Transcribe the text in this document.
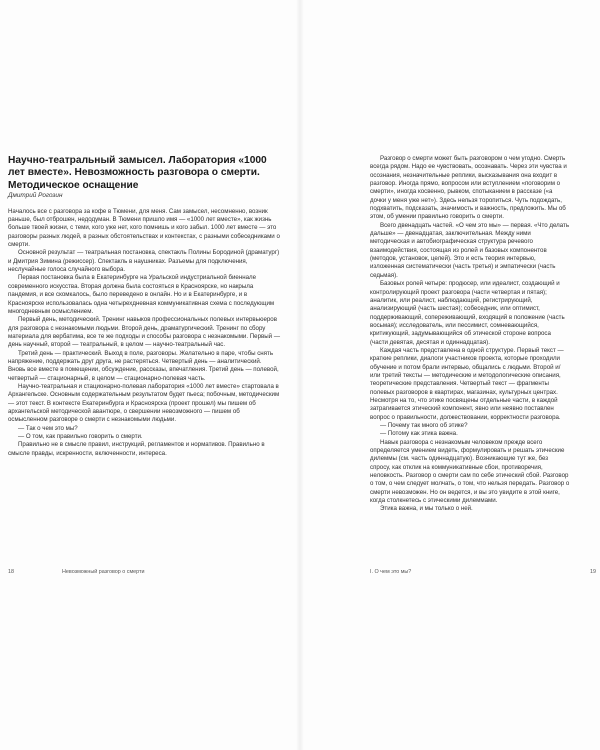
Научно-театральный замысел. Лаборатория «1000 лет вместе». Невозможность разговора о смерти. Методическое оснащение

Дмитрий Рогозин

Началось все с разговора за кофе в Тюмени, для меня. Сам замысел, несомненно, возник раньше, был отброшен, недодуман. В Тюмени пришло имя — «1000 лет вместе», как жизнь больше твоей жизни, с теми, кого уже нет, кого помнишь и кого забыл. 1000 лет вместе — это разговоры разных людей, в разных обстоятельствах и контекстах, с разными собеседниками о смерти.

Основной результат — театральная постановка, спектакль Полины Бородиной (драматург) и Дмитрия Зимина (режиссер). Спектакль в наушниках. Разъемы для подключения, неслучайные голоса случайного выбора.

Первая постановка была в Екатеринбурге на Уральской индустриальной биеннале современного искусства. Вторая должна была состояться в Красноярске, но накрыла пандемия, и все скомкалось, было переведено в онлайн. Но и в Екатеринбурге, и в Красноярске использовалась одна четырехдневная коммуникативная схема с последующим многодневным осмыслением.

Первый день, методический. Тренинг навыков профессиональных полевых интервьюеров для разговора с незнакомыми людьми. Второй день, драматургический. Тренинг по сбору материала для вербатима, все те же подходы и способы разговора с незнакомыми. Первый — день научный, второй — театральный, в целом — научно-театральный час.

Третий день — практический. Выход в поле, разговоры. Желательно в паре, чтобы снять напряжение, поддержать друг друга, не растеряться. Четвертый день — аналитический. Вновь все вместе в помещении, обсуждение, рассказы, впечатления. Третий день — полевой, четвертый — стационарный, в целом — стационарно-полевая часть.

Научно-театральная и стационарно-полевая лаборатория «1000 лет вместе» стартовала в Архангельске. Основным содержательным результатом будет пьеса; побочным, методическим — этот текст. В контексте Екатеринбурга и Красноярска (проект прошел) мы пишем об архангельской методической авантюре, о свершении невозможного — пишем об осмысленном разговоре о смерти с незнакомыми людьми.

— Так о чем это мы?

— О том, как правильно говорить о смерти.

Правильно не в смысле правил, инструкций, регламентов и нормативов. Правильно в смысле правды, искренности, включенности, интереса.

18	Невозможный разговор о смерти

Разговор о смерти может быть разговором о чем угодно. Смерть всегда рядом. Надо ее чувствовать, осознавать. Через эти чувства и осознания, незначительные реплики, высказывания она входит в разговор. Иногда прямо, вопросом или вступлением «поговорим о смерти», иногда косвенно, рывком, спотыканием в рассказе («а дочки у меня уже нет»). Здесь нельзя торопиться. Чуть подождать, подхватить, подсказать, значимость и важность, предложить. Мы об этом, об умении правильно говорить о смерти.

Всего двенадцать частей. «О чем это мы» — первая. «Что делать дальше» — двенадцатая, заключительная. Между ними методическая и автобиографическая структура речевого взаимодействия, состоящая из ролей и базовых компонентов (методов, установок, целей). Это и есть теория интервью, изложенная систематически (часть третья) и эмпатически (часть седьмая).

Базовых ролей четыре: продюсер, или идеалист, создающий и контролирующий проект разговора (части четвертая и пятая); аналитик, или реалист, наблюдающий, регистрирующий, анализирующий (часть шестая); собеседник, или оптимист, поддерживающий, сопереживающий, входящий в положение (часть восьмая); исследователь, или пессимист, сомневающийся, критикующий, задумывающийся об этической стороне вопроса (части девятая, десятая и одиннадцатая).

Каждая часть представлена в одной структуре. Первый текст — краткие реплики, диалоги участников проекта, которые проходили обучение и потом брали интервью, общались с людьми. Второй и/или третий тексты — методические и методологические описания, теоретические представления. Четвертый текст — фрагменты полевых разговоров в квартирах, магазинах, культурных центрах. Несмотря на то, что этике посвящены отдельные части, в каждой затрагивается этический компонент, явно или неявно поставлен вопрос о правильности, должествовании, корректности разговора.

— Почему так много об этике?

— Потому как этика важна.

Навык разговора с незнакомым человеком прежде всего определяется умением видеть, формулировать и решать этические дилеммы (см. часть одиннадцатую). Возникающие тут же, без спросу, как отклик на коммуникативные сбои, противоречия, неловкость. Разговор о смерти сам по себе этический сбой. Разговор о том, о чем следует молчать, о том, что нельзя передать. Разговор о смерти невозможен. Но он ведется, и вы это увидите в этой книге, когда столкнетесь с этическими дилеммами.

Этика важна, и мы только о ней.

I. О чем это мы?	19
